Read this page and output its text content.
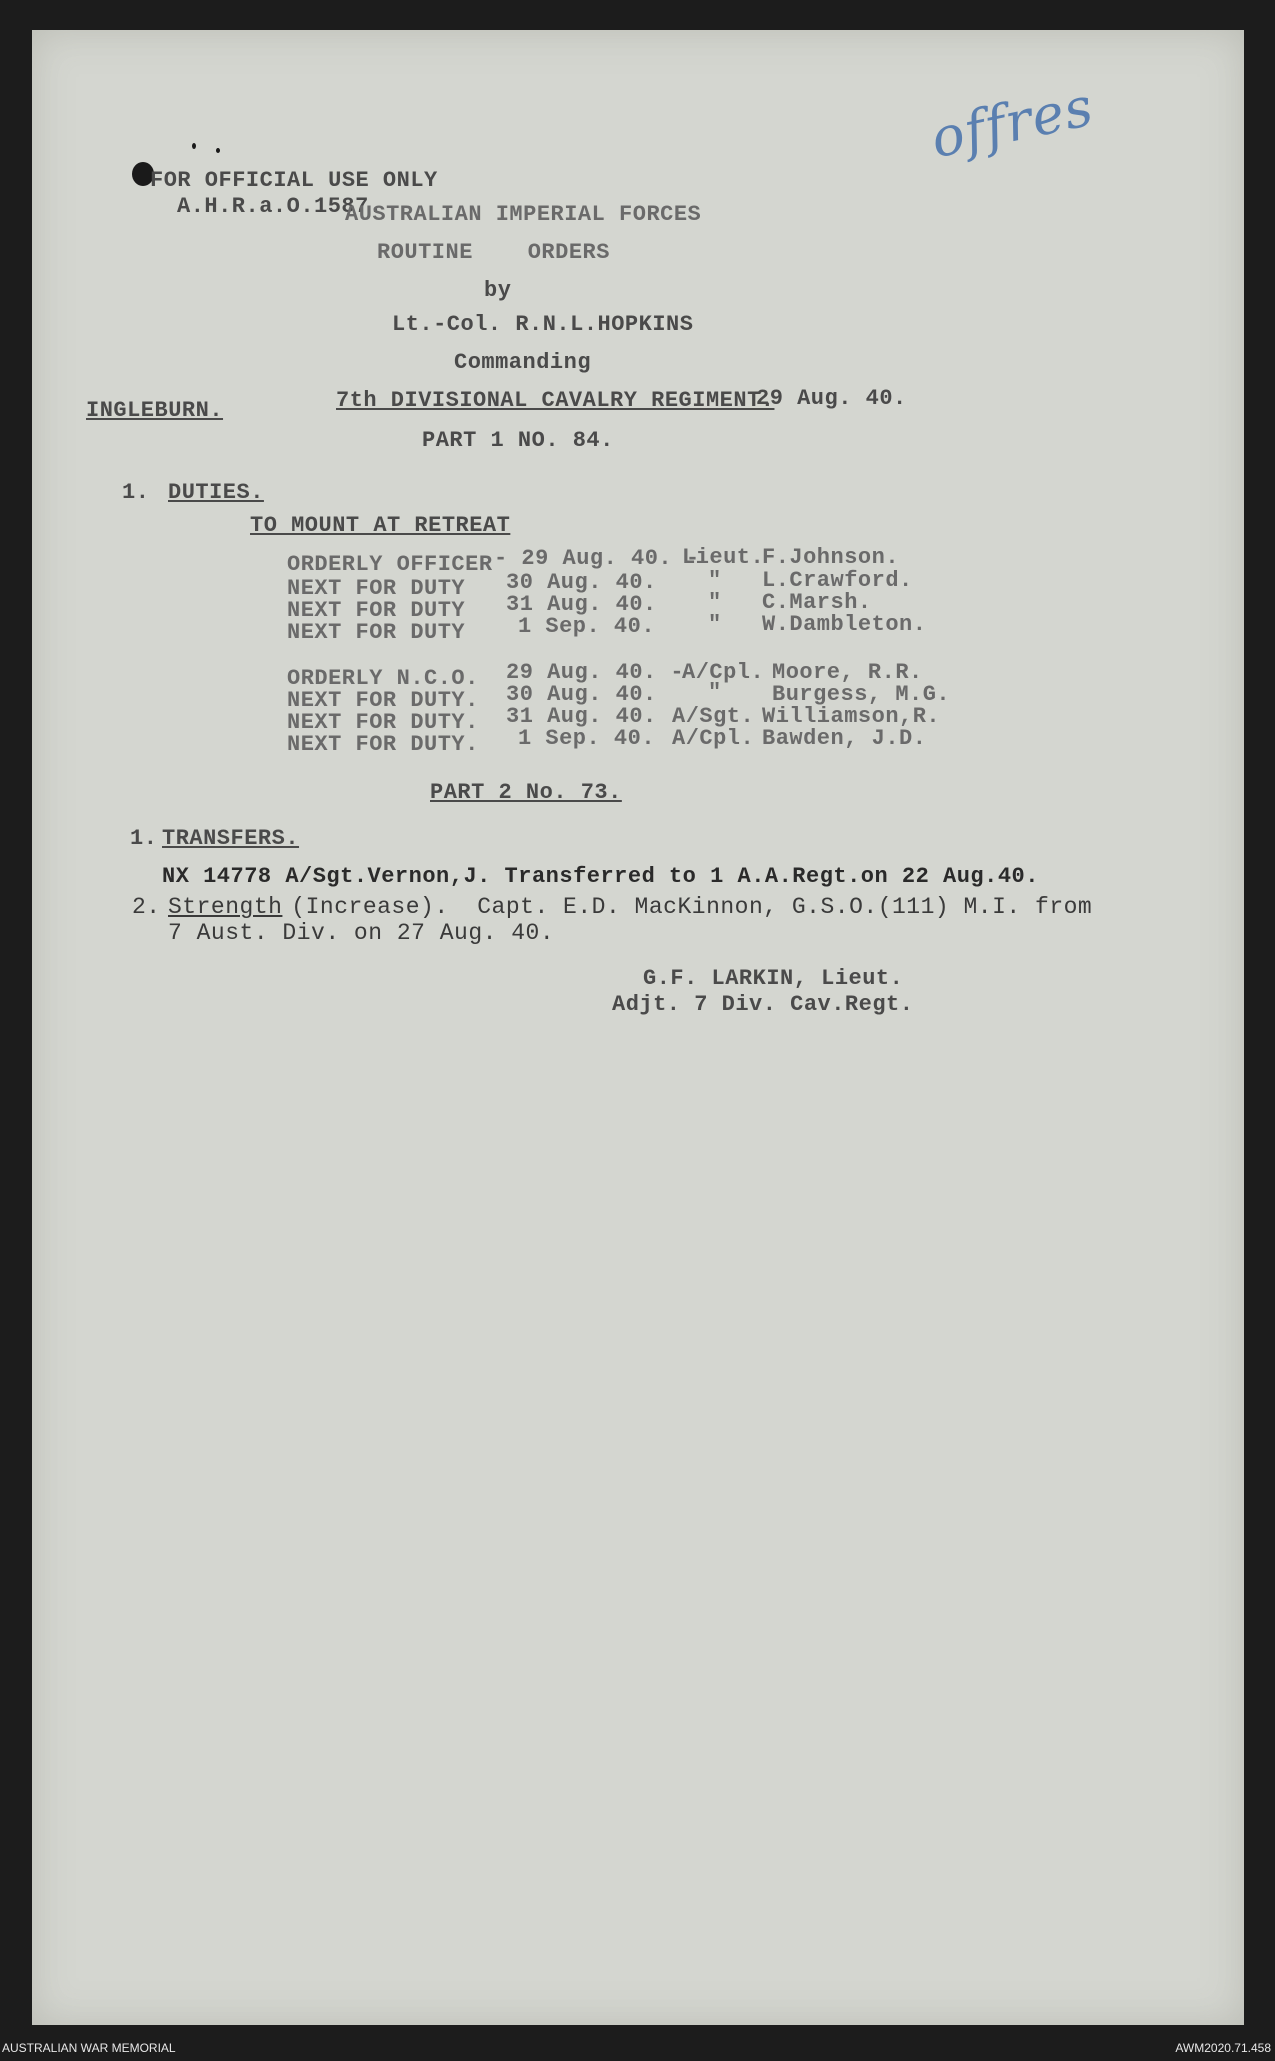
offres
FOR OFFICIAL USE ONLY
A.H.R.a.O.1587.
AUSTRALIAN IMPERIAL FORCES
ROUTINE    ORDERS
by
Lt.-Col. R.N.L.HOPKINS
Commanding
INGLEBURN.	7th DIVISIONAL CAVALRY REGIMENT.
29 Aug. 40.
PART 1 NO. 84.
1. DUTIES.
TO MOUNT AT RETREAT
ORDERLY OFFICER - 29 Aug. 40. -
Lieut.
F.Johnson.
NEXT FOR DUTY 30 Aug. 40. " L.Crawford.
NEXT FOR DUTY 31 Aug. 40. " C.Marsh.
NEXT FOR DUTY 1 Sep. 40. " W.Dambleton.
ORDERLY N.C.O. 29 Aug. 40. -
A/Cpl. Moore, R.R.
NEXT FOR DUTY. 30 Aug. 40. " Burgess, M.G.
NEXT FOR DUTY. 31 Aug. 40. A/Sgt. Williamson,R.
NEXT FOR DUTY. 1 Sep. 40. A/Cpl. Bawden, J.D.
PART 2 No. 73.
1. TRANSFERS.
NX 14778 A/Sgt.Vernon,J. Transferred to 1 A.A.Regt.on 22 Aug.40.
2. Strength
(Increase).  Capt. E.D. MacKinnon, G.S.O.(111) M.I. from
7 Aust. Div. on 27 Aug. 40.
G.F. LARKIN, Lieut.
Adjt. 7 Div. Cav.Regt.
AUSTRALIAN WAR MEMORIAL	AWM2020.71.458
